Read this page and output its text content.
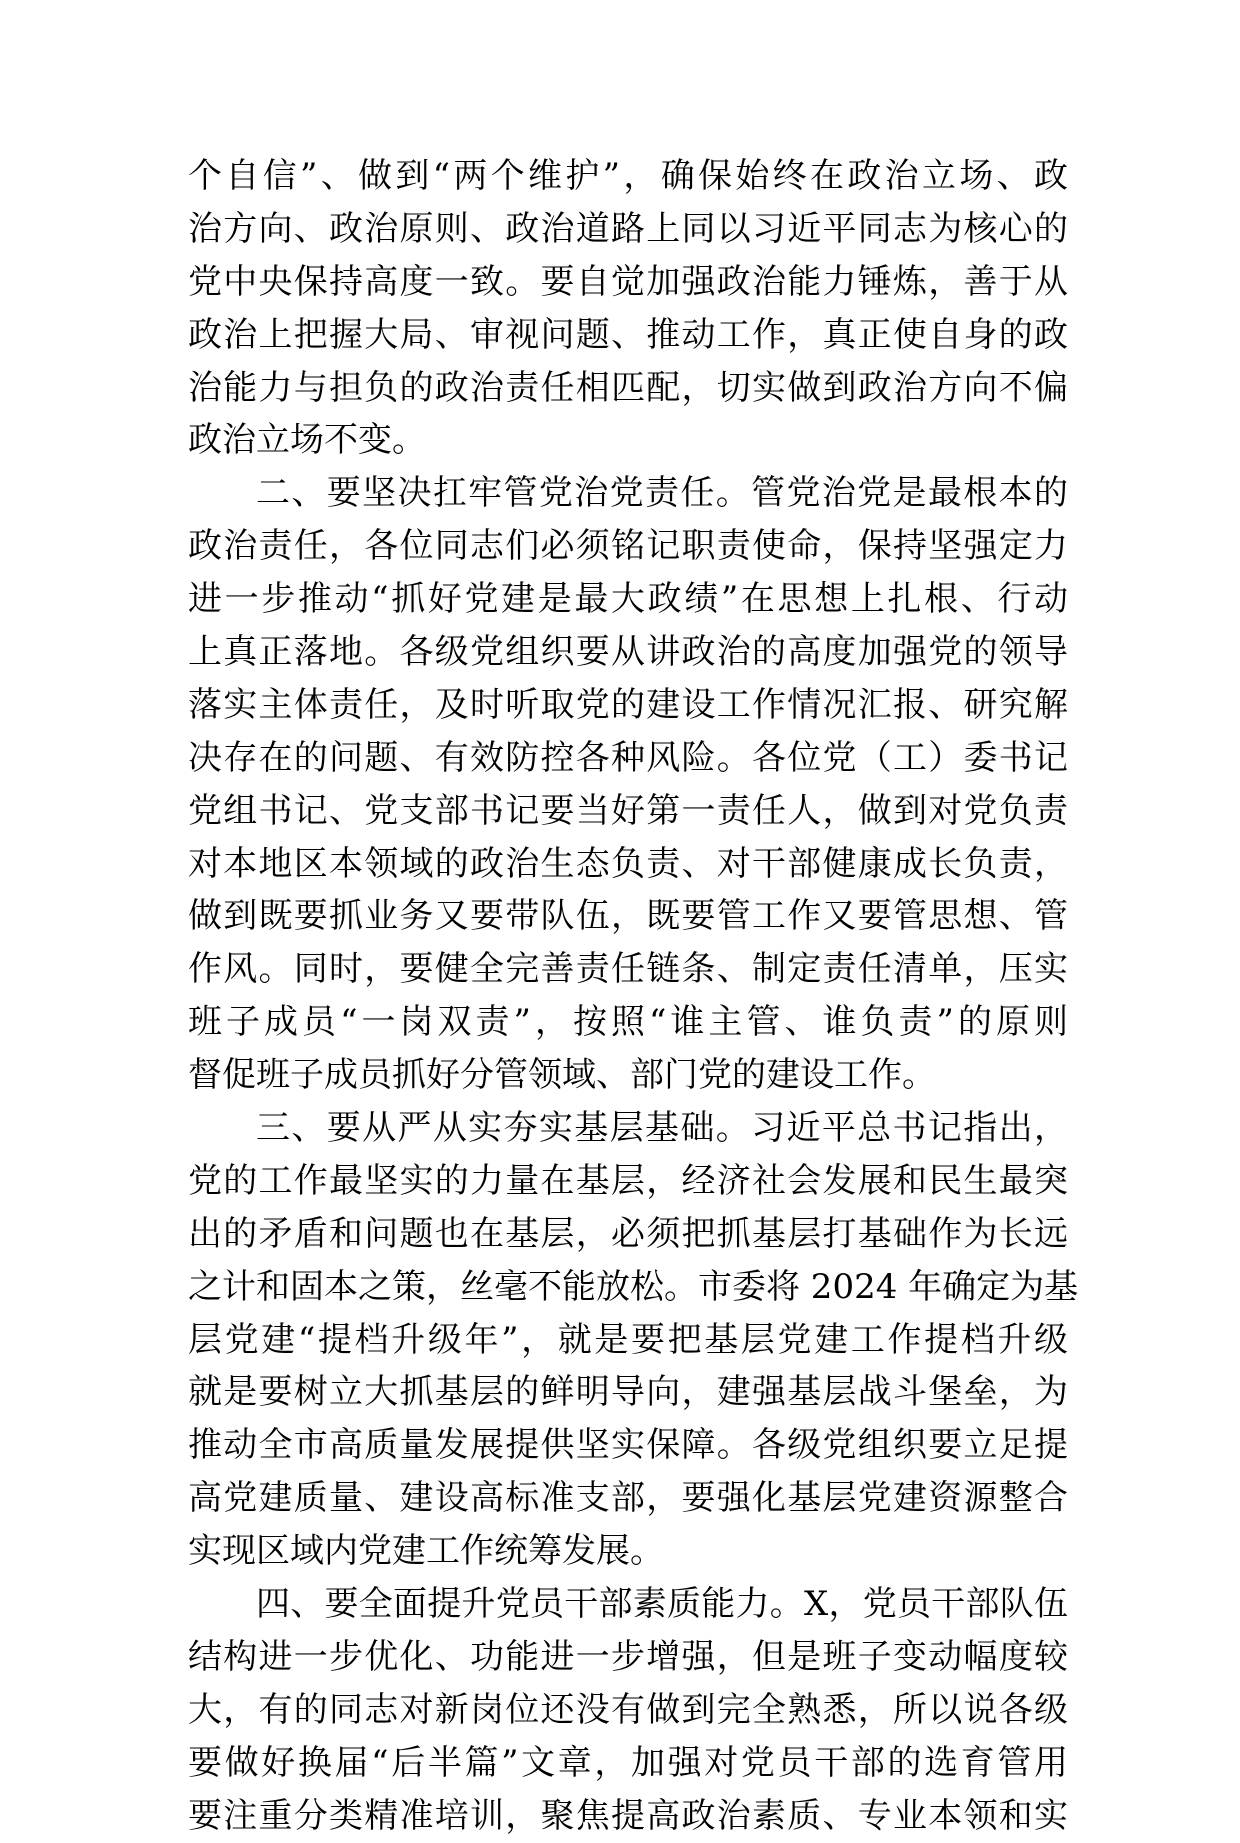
个自信”、做到“两个维护”，确保始终在政治立场、政
治方向、政治原则、政治道路上同以习近平同志为核心的
党中央保持高度一致。要自觉加强政治能力锤炼，善于从
政治上把握大局、审视问题、推动工作，真正使自身的政
治能力与担负的政治责任相匹配，切实做到政治方向不偏
政治立场不变。
二、要坚决扛牢管党治党责任。管党治党是最根本的
政治责任，各位同志们必须铭记职责使命，保持坚强定力
进一步推动“抓好党建是最大政绩”在思想上扎根、行动
上真正落地。各级党组织要从讲政治的高度加强党的领导
落实主体责任，及时听取党的建设工作情况汇报、研究解
决存在的问题、有效防控各种风险。各位党（工）委书记
党组书记、党支部书记要当好第一责任人，做到对党负责
对本地区本领域的政治生态负责、对干部健康成长负责，
做到既要抓业务又要带队伍，既要管工作又要管思想、管
作风。同时，要健全完善责任链条、制定责任清单，压实
班子成员“一岗双责”，按照“谁主管、谁负责”的原则
督促班子成员抓好分管领域、部门党的建设工作。
三、要从严从实夯实基层基础。习近平总书记指出，
党的工作最坚实的力量在基层，经济社会发展和民生最突
出的矛盾和问题也在基层，必须把抓基层打基础作为长远
之计和固本之策，丝毫不能放松。市委将 2024 年确定为基
层党建“提档升级年”，就是要把基层党建工作提档升级
就是要树立大抓基层的鲜明导向，建强基层战斗堡垒，为
推动全市高质量发展提供坚实保障。各级党组织要立足提
高党建质量、建设高标准支部，要强化基层党建资源整合
实现区域内党建工作统筹发展。
四、要全面提升党员干部素质能力。X，党员干部队伍
结构进一步优化、功能进一步增强，但是班子变动幅度较
大，有的同志对新岗位还没有做到完全熟悉，所以说各级
要做好换届“后半篇”文章，加强对党员干部的选育管用
要注重分类精准培训，聚焦提高政治素质、专业本领和实
